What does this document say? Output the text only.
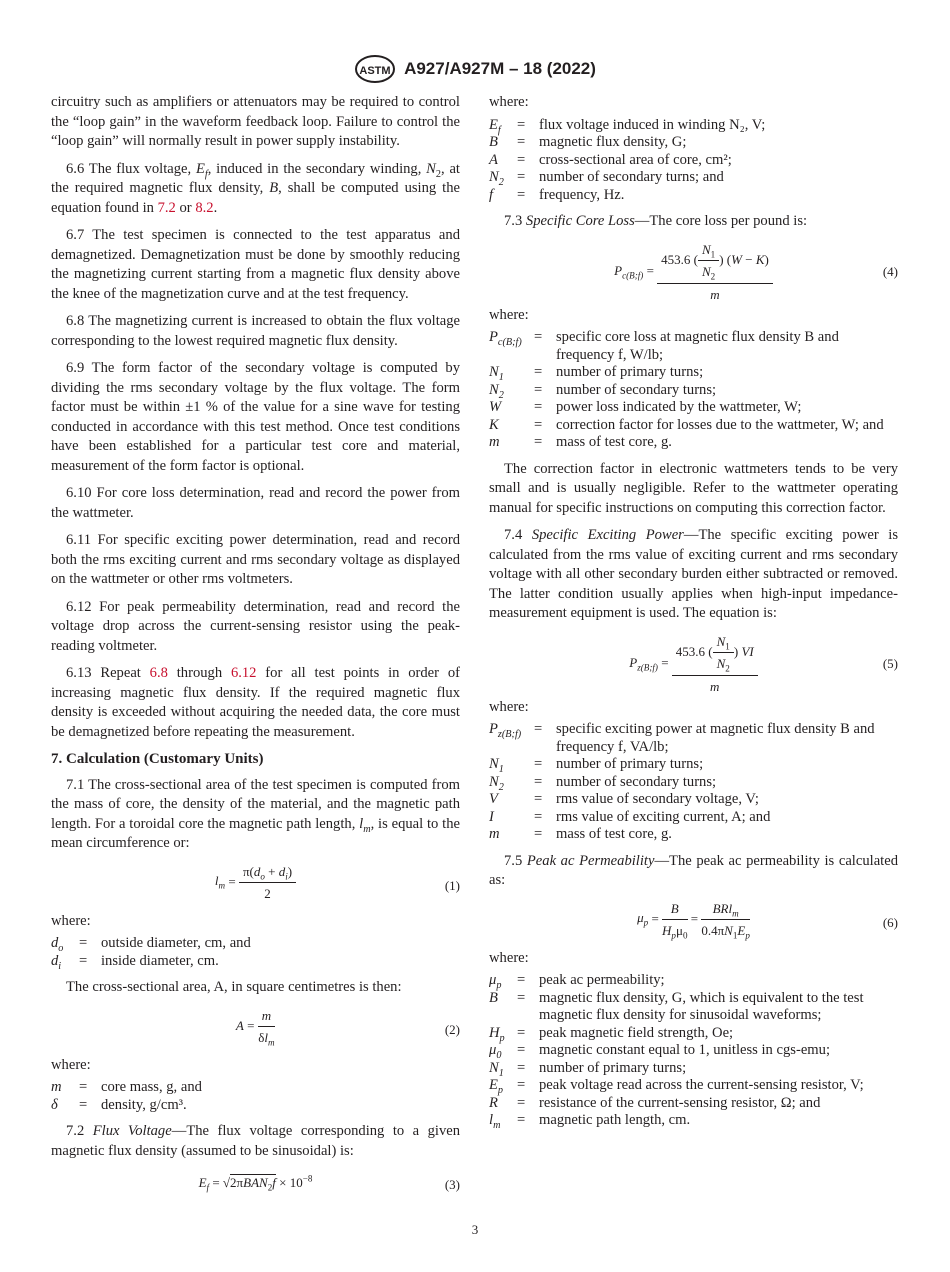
ASTM A927/A927M – 18 (2022)

circuitry such as amplifiers or attenuators may be required to control the “loop gain” in the waveform feedback loop. Failure to control the “loop gain” will normally result in power supply instability.

6.6 The flux voltage, $E_f$, induced in the secondary winding, $N_2$, at the required magnetic flux density, B, shall be computed using the equation found in 7.2 or 8.2.

6.7 The test specimen is connected to the test apparatus and demagnetized. Demagnetization must be done by smoothly reducing the magnetizing current starting from a magnetic flux density above the knee of the magnetization curve and at the test frequency.

6.8 The magnetizing current is increased to obtain the flux voltage corresponding to the lowest required magnetic flux density.

6.9 The form factor of the secondary voltage is computed by dividing the rms secondary voltage by the flux voltage. The form factor must be within ±1 % of the value for a sine wave for testing conducted in accordance with this test method. Once test conditions have been established for a particular test core and material, measurement of the form factor is optional.

6.10 For core loss determination, read and record the power from the wattmeter.

6.11 For specific exciting power determination, read and record both the rms exciting current and rms secondary voltage as displayed on the wattmeter or other rms voltmeters.

6.12 For peak permeability determination, read and record the voltage drop across the current-sensing resistor using the peak-reading voltmeter.

6.13 Repeat 6.8 through 6.12 for all test points in order of increasing magnetic flux density. If the required magnetic flux density is exceeded without acquiring the needed data, the core must be demagnetized before repeating the measurement.

7. Calculation (Customary Units)

7.1 The cross-sectional area of the test specimen is computed from the mass of core, the density of the material, and the magnetic path length. For a toroidal core the magnetic path length, $l_m$, is equal to the mean circumference or:

$l_m = \frac{\pi(d_o + d_i)}{2}$	(1)
where:
$d_o$	= outside diameter, cm, and
$d_i$	= inside diameter, cm.

The cross-sectional area, A, in square centimetres is then:

$A = \frac{m}{\delta l_m}$	(2)
where:
m	= core mass, g, and
δ	= density, g/cm³.

7.2 Flux Voltage—The flux voltage corresponding to a given magnetic flux density (assumed to be sinusoidal) is:

$E_f = √2\pi BAN_2f \times 10^{-8}$	(3)
where:
$E_f$	= flux voltage induced in winding N₂, V;
B	= magnetic flux density, G;
A	= cross-sectional area of core, cm²;
$N_2$ = number of secondary turns; and
f	= frequency, Hz.

7.3 Specific Core Loss—The core loss per pound is:

$P_{c(B;f)} = \frac{453.6 ( \frac{N_1}{N_2} ) (W - K)}{m}$	(4)
where:
$P_{c(B;f)}$ = specific core loss at magnetic flux density B and frequency f, W/lb;
$N_1$	= number of primary turns;
$N_2$	= number of secondary turns;
W	= power loss indicated by the wattmeter, W;
K	= correction factor for losses due to the wattmeter, W; and
m	= mass of test core, g.

The correction factor in electronic wattmeters tends to be very small and is usually negligible. Refer to the wattmeter operating manual for specific instructions on computing this correction factor.

7.4 Specific Exciting Power—The specific exciting power is calculated from the rms value of exciting current and rms secondary voltage with all other secondary burden either subtracted or removed. The latter condition usually applies when high-input impedance-measurement equipment is used. The equation is:

$P_{z(B;f)} = \frac{453.6 ( \frac{N_1}{N_2} ) VI}{m}$	(5)
where:
$P_{z(B;f)}$ = specific exciting power at magnetic flux density B and frequency f, VA/lb;
$N_1$	= number of primary turns;
$N_2$	= number of secondary turns;
V	= rms value of secondary voltage, V;
I	= rms value of exciting current, A; and
m	= mass of test core, g.

7.5 Peak ac Permeability—The peak ac permeability is calculated as:

$\mu_p = \frac{B}{H_p\mu_0} = \frac{BRl_m}{0.4\pi N_1E_p}$	(6)
where:
$\mu_p$	= peak ac permeability;
B	= magnetic flux density, G, which is equivalent to the test magnetic flux density for sinusoidal waveforms;
$H_p$ = peak magnetic field strength, Oe;
$\mu_0$	= magnetic constant equal to 1, unitless in cgs-emu;
$N_1$ = number of primary turns;
$E_p$ = peak voltage read across the current-sensing resistor, V;
R	= resistance of the current-sensing resistor, Ω; and
$l_m$	= magnetic path length, cm.
3
